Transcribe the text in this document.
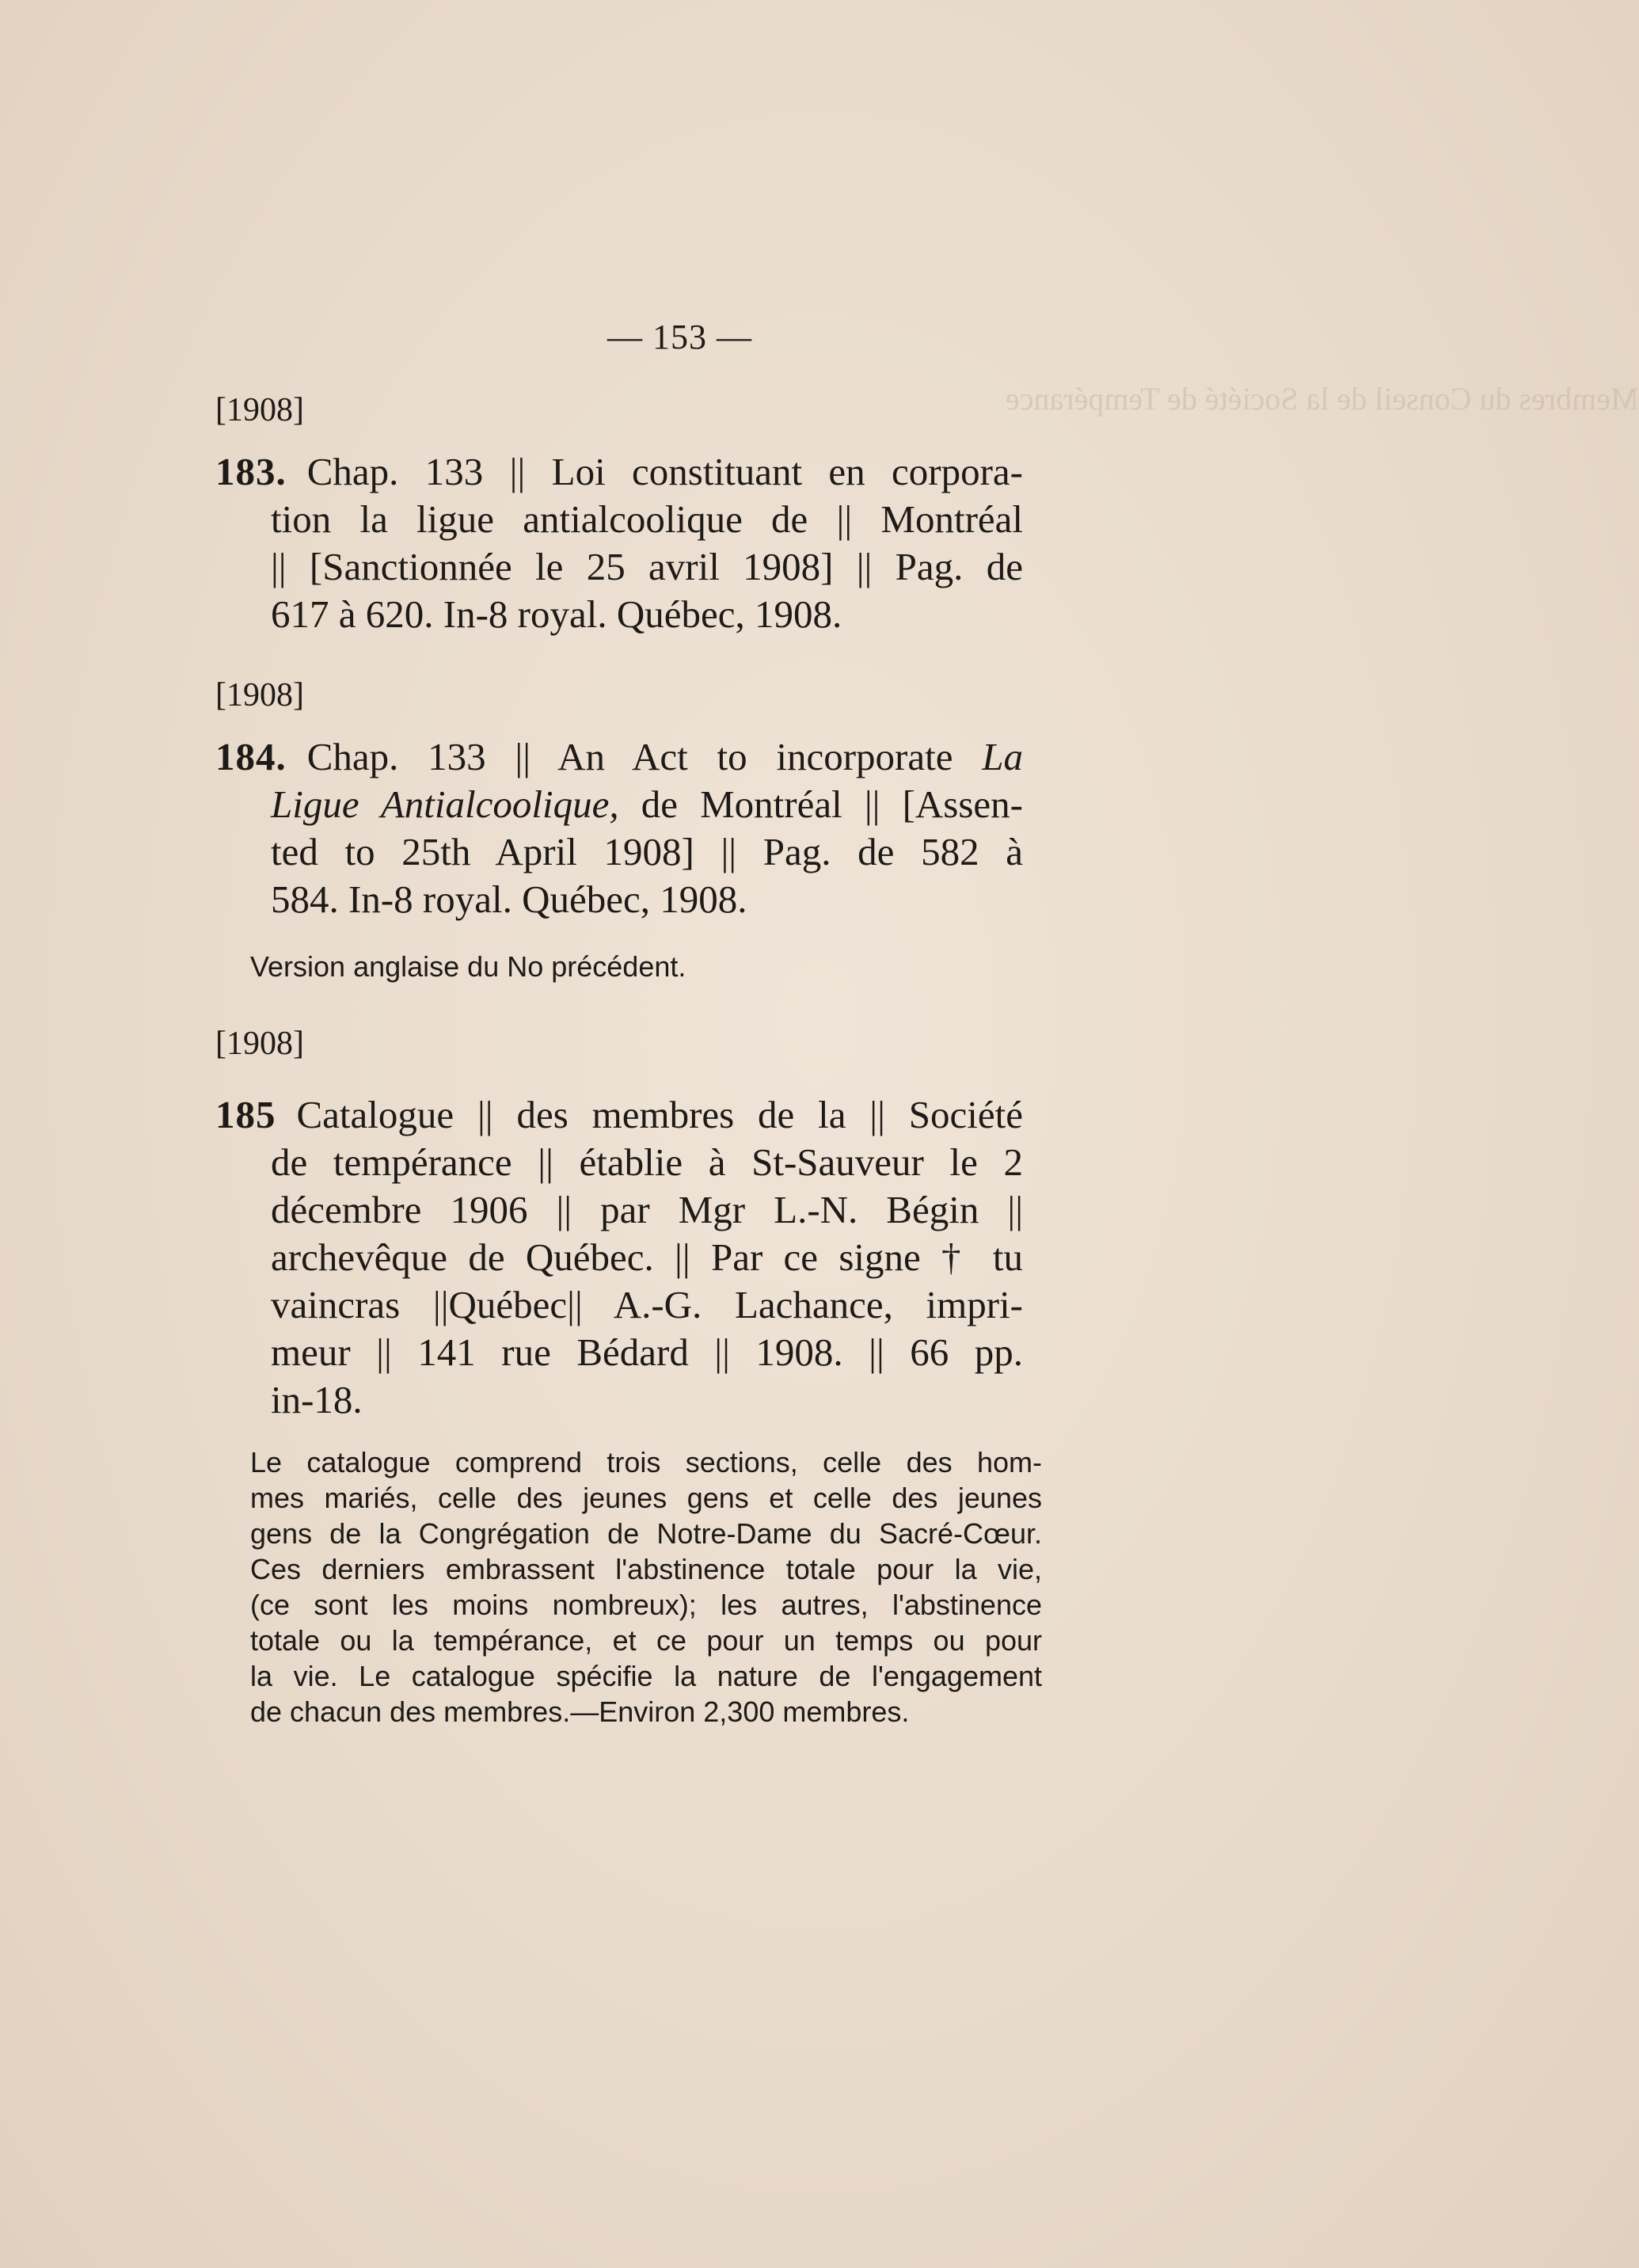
Membres du Conseil de la Société de Tempérance
— 153 —
[1908]
183. Chap. 133 || Loi constituant en corpora-
tion la ligue antialcoolique de || Montréal
|| [Sanctionnée le 25 avril 1908] || Pag. de
617 à 620. In-8 royal. Québec, 1908.
[1908]
184. Chap. 133 || An Act to incorporate La
Ligue Antialcoolique, de Montréal || [Assen-
ted to 25th April 1908] || Pag. de 582 à
584. In-8 royal. Québec, 1908.
Version anglaise du No précédent.
[1908]
185 Catalogue || des membres de la || Société
de tempérance || établie à St-Sauveur le 2
décembre 1906 || par Mgr L.-N. Bégin ||
archevêque de Québec. || Par ce signe † tu
vaincras ||Québec|| A.-G. Lachance, impri-
meur || 141 rue Bédard || 1908. || 66 pp.
in-18.
Le catalogue comprend trois sections, celle des hom-
mes mariés, celle des jeunes gens et celle des jeunes
gens de la Congrégation de Notre-Dame du Sacré-Cœur.
Ces derniers embrassent l'abstinence totale pour la vie,
(ce sont les moins nombreux); les autres, l'abstinence
totale ou la tempérance, et ce pour un temps ou pour
la vie. Le catalogue spécifie la nature de l'engagement
de chacun des membres.—Environ 2,300 membres.
